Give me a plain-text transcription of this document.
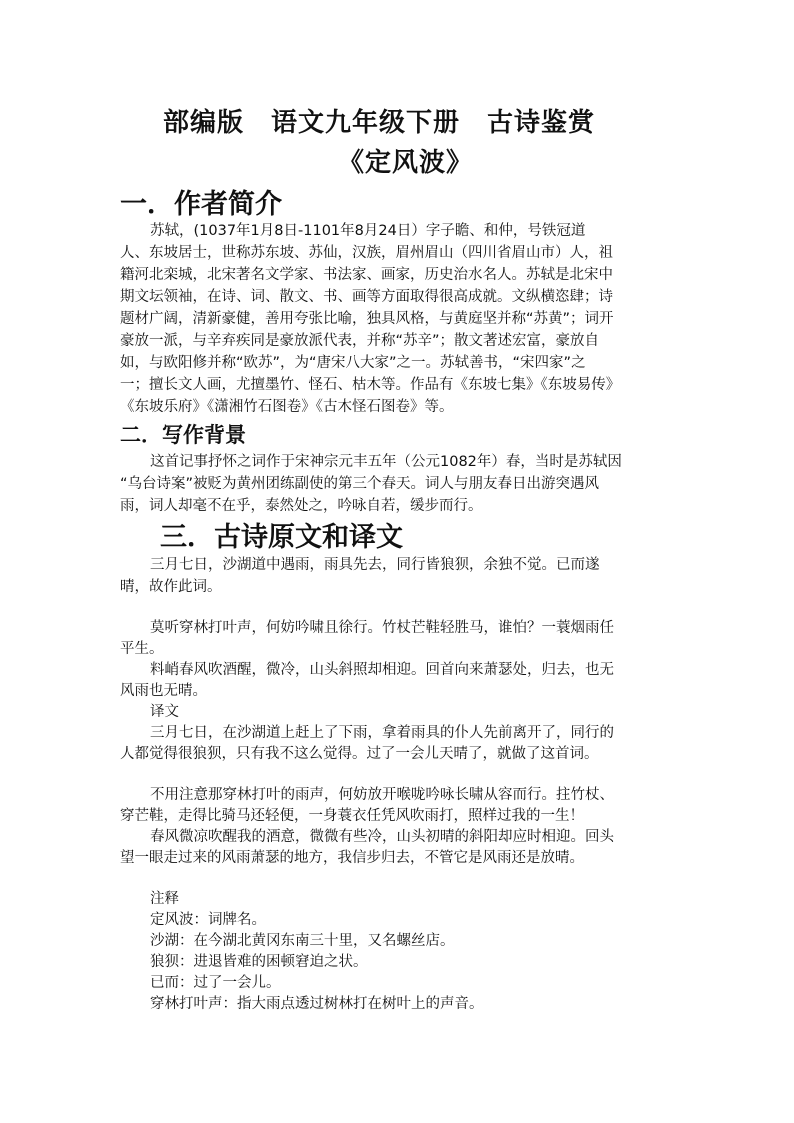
部编版　语文九年级下册　古诗鉴赏
《定风波》
一．作者简介
苏轼，(1037年1月8日-1101年8月24日）字子瞻、和仲，号铁冠道
人、东坡居士，世称苏东坡、苏仙，汉族，眉州眉山（四川省眉山市）人，祖
籍河北栾城，北宋著名文学家、书法家、画家，历史治水名人。苏轼是北宋中
期文坛领袖，在诗、词、散文、书、画等方面取得很高成就。文纵横恣肆；诗
题材广阔，清新豪健，善用夸张比喻，独具风格，与黄庭坚并称“苏黄”；词开
豪放一派，与辛弃疾同是豪放派代表，并称“苏辛”；散文著述宏富，豪放自
如，与欧阳修并称“欧苏”，为“唐宋八大家”之一。苏轼善书，“宋四家”之
一；擅长文人画，尤擅墨竹、怪石、枯木等。作品有《东坡七集》《东坡易传》
《东坡乐府》《潇湘竹石图卷》《古木怪石图卷》等。
二．写作背景
这首记事抒怀之词作于宋神宗元丰五年（公元1082年）春，当时是苏轼因
“乌台诗案”被贬为黄州团练副使的第三个春天。词人与朋友春日出游突遇风
雨，词人却毫不在乎，泰然处之，吟咏自若，缓步而行。
三．古诗原文和译文
三月七日，沙湖道中遇雨，雨具先去，同行皆狼狈，余独不觉。已而遂
晴，故作此词。
莫听穿林打叶声，何妨吟啸且徐行。竹杖芒鞋轻胜马，谁怕？一蓑烟雨任
平生。
料峭春风吹酒醒，微冷，山头斜照却相迎。回首向来萧瑟处，归去，也无
风雨也无晴。
译文
三月七日，在沙湖道上赶上了下雨，拿着雨具的仆人先前离开了，同行的
人都觉得很狼狈，只有我不这么觉得。过了一会儿天晴了，就做了这首词。
不用注意那穿林打叶的雨声，何妨放开喉咙吟咏长啸从容而行。拄竹杖、
穿芒鞋，走得比骑马还轻便，一身蓑衣任凭风吹雨打，照样过我的一生！
春风微凉吹醒我的酒意，微微有些冷，山头初晴的斜阳却应时相迎。回头
望一眼走过来的风雨萧瑟的地方，我信步归去，不管它是风雨还是放晴。
注释
定风波：词牌名。
沙湖：在今湖北黄冈东南三十里，又名螺丝店。
狼狈：进退皆难的困顿窘迫之状。
已而：过了一会儿。
穿林打叶声：指大雨点透过树林打在树叶上的声音。
